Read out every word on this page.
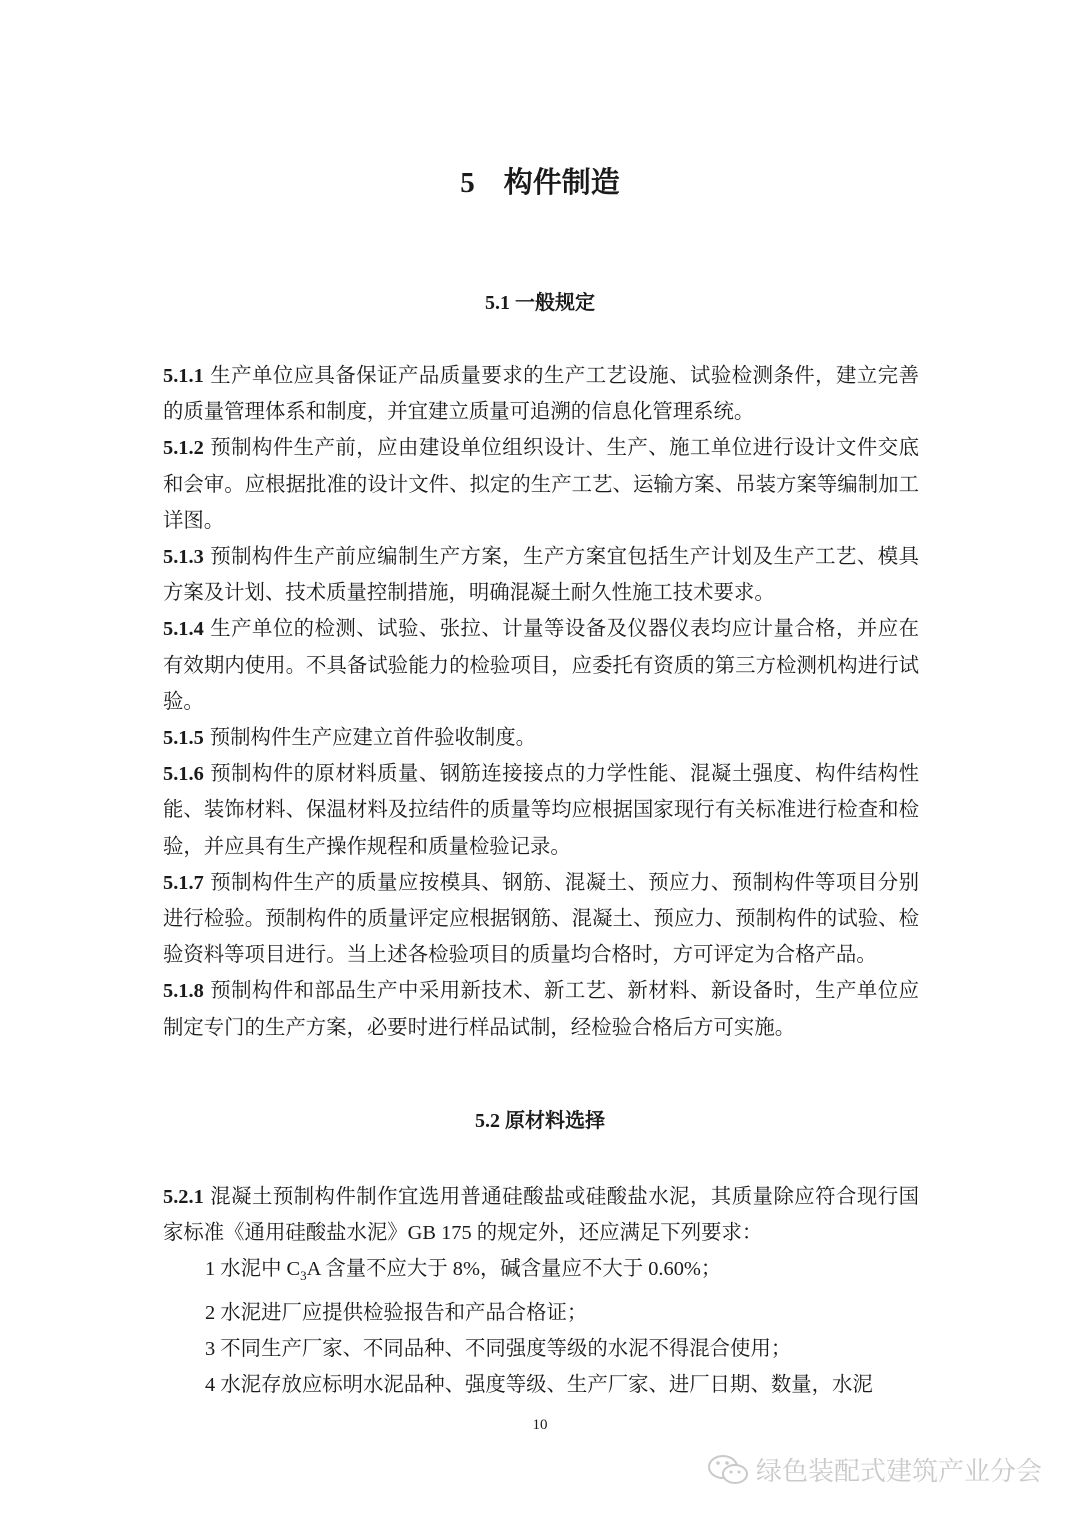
5　构件制造
5.1 一般规定

5.1.1 生产单位应具备保证产品质量要求的生产工艺设施、试验检测条件，建立完善的质量管理体系和制度，并宜建立质量可追溯的信息化管理系统。

5.1.2 预制构件生产前，应由建设单位组织设计、生产、施工单位进行设计文件交底和会审。应根据批准的设计文件、拟定的生产工艺、运输方案、吊装方案等编制加工详图。

5.1.3 预制构件生产前应编制生产方案，生产方案宜包括生产计划及生产工艺、模具方案及计划、技术质量控制措施，明确混凝土耐久性施工技术要求。

5.1.4 生产单位的检测、试验、张拉、计量等设备及仪器仪表均应计量合格，并应在有效期内使用。不具备试验能力的检验项目，应委托有资质的第三方检测机构进行试验。

5.1.5 预制构件生产应建立首件验收制度。

5.1.6 预制构件的原材料质量、钢筋连接接点的力学性能、混凝土强度、构件结构性能、装饰材料、保温材料及拉结件的质量等均应根据国家现行有关标准进行检查和检验，并应具有生产操作规程和质量检验记录。

5.1.7 预制构件生产的质量应按模具、钢筋、混凝土、预应力、预制构件等项目分别进行检验。预制构件的质量评定应根据钢筋、混凝土、预应力、预制构件的试验、检验资料等项目进行。当上述各检验项目的质量均合格时，方可评定为合格产品。

5.1.8 预制构件和部品生产中采用新技术、新工艺、新材料、新设备时，生产单位应制定专门的生产方案，必要时进行样品试制，经检验合格后方可实施。

5.2 原材料选择

5.2.1 混凝土预制构件制作宜选用普通硅酸盐或硅酸盐水泥，其质量除应符合现行国家标准《通用硅酸盐水泥》GB 175 的规定外，还应满足下列要求：

1 水泥中 $C_3A$ 含量不应大于 8%，碱含量应不大于 0.60%；

2 水泥进厂应提供检验报告和产品合格证；

3 不同生产厂家、不同品种、不同强度等级的水泥不得混合使用；

4 水泥存放应标明水泥品种、强度等级、生产厂家、进厂日期、数量，水泥

10
绿色装配式建筑产业分会
